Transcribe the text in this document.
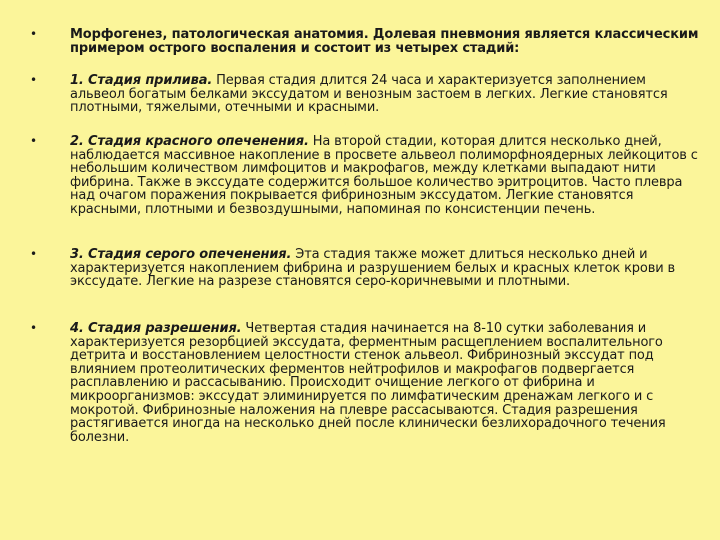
•	Морфогенез, патологическая анатомия. Долевая пневмония является классическим примером острого воспаления и состоит из четырех стадий:
•	1. Стадия прилива. Первая стадия длится 24 часа и характеризуется заполнением альвеол богатым белками экссудатом и венозным застоем в легких. Легкие становятся плотными, тяжелыми, отечными и красными.
•	2. Стадия красного опеченения. На второй стадии, которая длится несколько дней, наблюдается массивное накопление в просвете альвеол полиморфноядерных лейкоцитов с небольшим количеством лимфоцитов и макрофагов, между клетками выпадают нити фибрина. Также в экссудате содержится большое количество эритроцитов. Часто плевра над очагом поражения покрывается фибринозным экссудатом. Легкие становятся красными, плотными и безвоздушными, напоминая по консистенции печень.
•	3. Стадия серого опеченения. Эта стадия также может длиться несколько дней и характеризуется накоплением фибрина и разрушением белых и красных клеток крови в экссудате. Легкие на разрезе становятся серо-коричневыми и плотными.
•	4. Стадия разрешения. Четвертая стадия начинается на 8-10 сутки заболевания и характеризуется резорбцией экссудата, ферментным расщеплением воспалительного детрита и восстановлением целостности стенок альвеол. Фибринозный экссудат под влиянием протеолитических ферментов нейтрофилов и макрофагов подвергается расплавлению и рассасыванию. Происходит очищение легкого от фибрина и микроорганизмов: экссудат элиминируется по лимфатическим дренажам легкого и с мокротой. Фибринозные наложения на плевре рассасываются. Стадия разрешения растягивается иногда на несколько дней после клинически безлихорадочного течения болезни.
